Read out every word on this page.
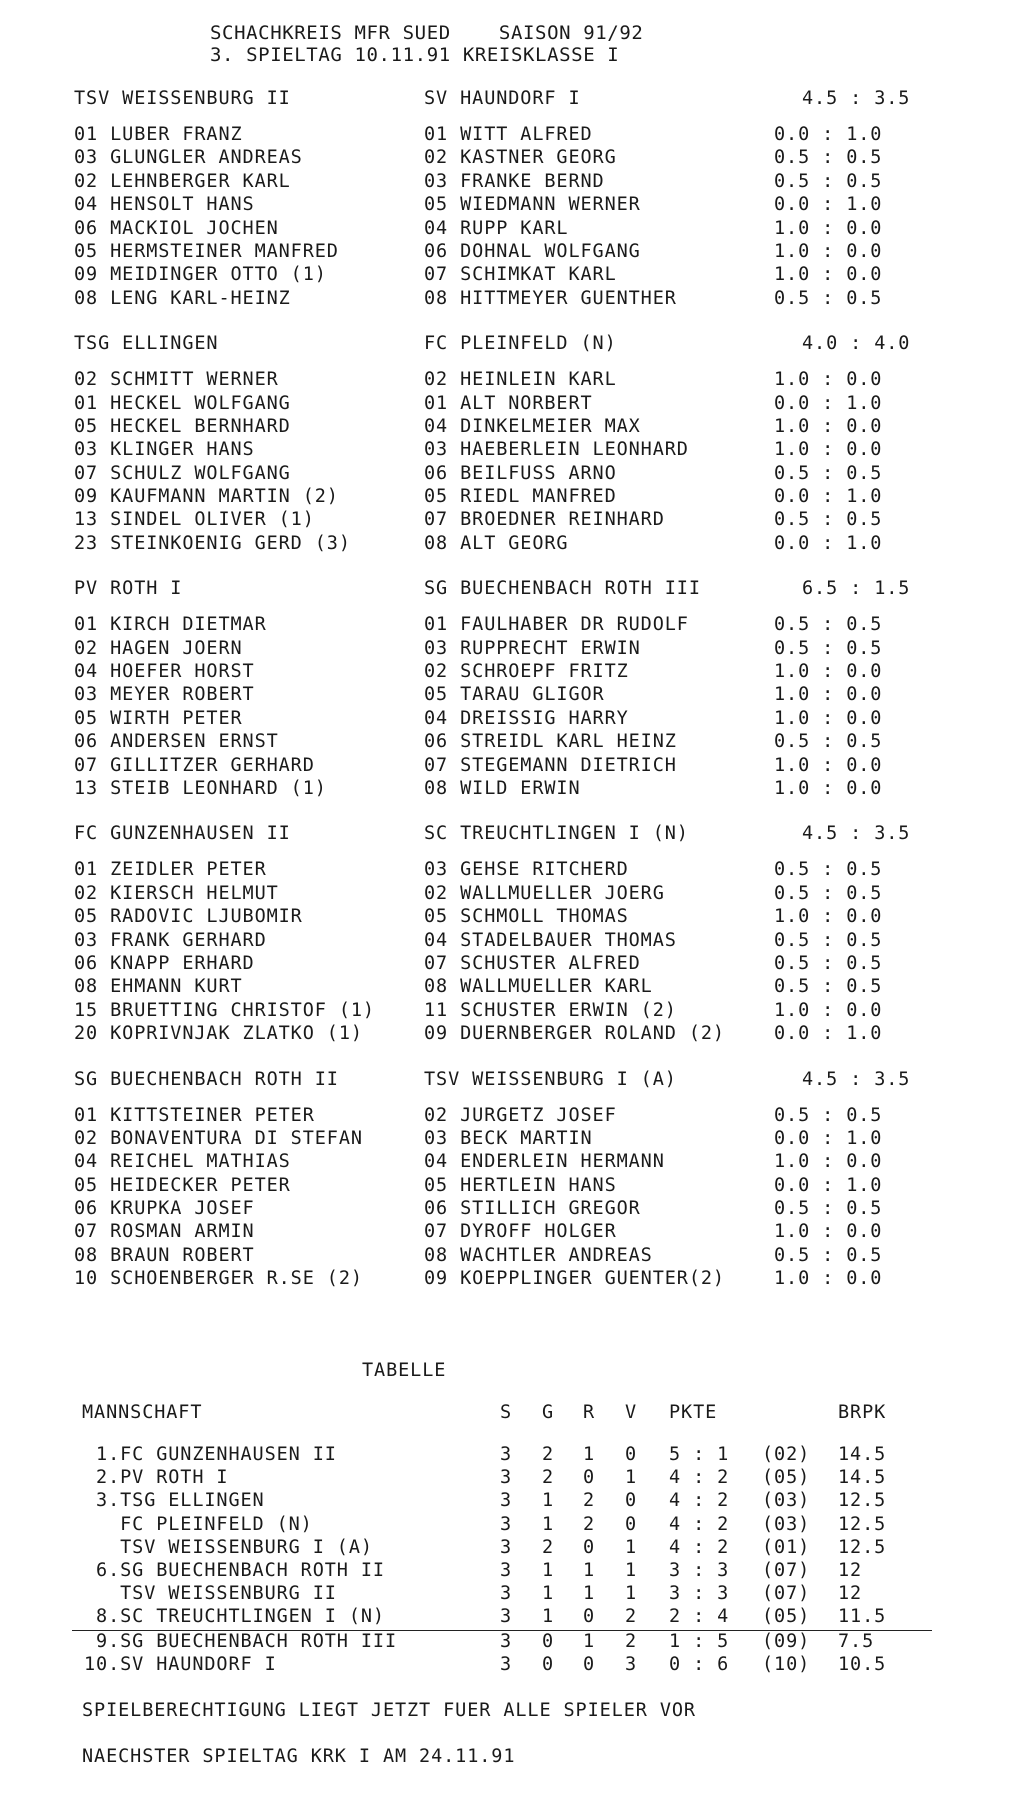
SCHACHKREIS MFR SUED    SAISON 91/92
3. SPIELTAG 10.11.91 KREISKLASSE I
TSV WEISSENBURG II	SV HAUNDORF I	4.5 : 3.5
01 LUBER FRANZ	01 WITT ALFRED	0.0 : 1.0
03 GLUNGLER ANDREAS	02 KASTNER GEORG	0.5 : 0.5
02 LEHNBERGER KARL	03 FRANKE BERND	0.5 : 0.5
04 HENSOLT HANS	05 WIEDMANN WERNER	0.0 : 1.0
06 MACKIOL JOCHEN	04 RUPP KARL	1.0 : 0.0
05 HERMSTEINER MANFRED	06 DOHNAL WOLFGANG	1.0 : 0.0
09 MEIDINGER OTTO (1)	07 SCHIMKAT KARL	1.0 : 0.0
08 LENG KARL-HEINZ	08 HITTMEYER GUENTHER	0.5 : 0.5
TSG ELLINGEN	FC PLEINFELD (N)	4.0 : 4.0
02 SCHMITT WERNER	02 HEINLEIN KARL	1.0 : 0.0
01 HECKEL WOLFGANG	01 ALT NORBERT	0.0 : 1.0
05 HECKEL BERNHARD	04 DINKELMEIER MAX	1.0 : 0.0
03 KLINGER HANS	03 HAEBERLEIN LEONHARD	1.0 : 0.0
07 SCHULZ WOLFGANG	06 BEILFUSS ARNO	0.5 : 0.5
09 KAUFMANN MARTIN (2)	05 RIEDL MANFRED	0.0 : 1.0
13 SINDEL OLIVER (1)	07 BROEDNER REINHARD	0.5 : 0.5
23 STEINKOENIG GERD (3)	08 ALT GEORG	0.0 : 1.0
PV ROTH I	SG BUECHENBACH ROTH III	6.5 : 1.5
01 KIRCH DIETMAR	01 FAULHABER DR RUDOLF	0.5 : 0.5
02 HAGEN JOERN	03 RUPPRECHT ERWIN	0.5 : 0.5
04 HOEFER HORST	02 SCHROEPF FRITZ	1.0 : 0.0
03 MEYER ROBERT	05 TARAU GLIGOR	1.0 : 0.0
05 WIRTH PETER	04 DREISSIG HARRY	1.0 : 0.0
06 ANDERSEN ERNST	06 STREIDL KARL HEINZ	0.5 : 0.5
07 GILLITZER GERHARD	07 STEGEMANN DIETRICH	1.0 : 0.0
13 STEIB LEONHARD (1)	08 WILD ERWIN	1.0 : 0.0
FC GUNZENHAUSEN II	SC TREUCHTLINGEN I (N)	4.5 : 3.5
01 ZEIDLER PETER	03 GEHSE RITCHERD	0.5 : 0.5
02 KIERSCH HELMUT	02 WALLMUELLER JOERG	0.5 : 0.5
05 RADOVIC LJUBOMIR	05 SCHMOLL THOMAS	1.0 : 0.0
03 FRANK GERHARD	04 STADELBAUER THOMAS	0.5 : 0.5
06 KNAPP ERHARD	07 SCHUSTER ALFRED	0.5 : 0.5
08 EHMANN KURT	08 WALLMUELLER KARL	0.5 : 0.5
15 BRUETTING CHRISTOF (1)	11 SCHUSTER ERWIN (2)	1.0 : 0.0
20 KOPRIVNJAK ZLATKO (1)	09 DUERNBERGER ROLAND (2)	0.0 : 1.0
SG BUECHENBACH ROTH II	TSV WEISSENBURG I (A)	4.5 : 3.5
01 KITTSTEINER PETER	02 JURGETZ JOSEF	0.5 : 0.5
02 BONAVENTURA DI STEFAN	03 BECK MARTIN	0.0 : 1.0
04 REICHEL MATHIAS	04 ENDERLEIN HERMANN	1.0 : 0.0
05 HEIDECKER PETER	05 HERTLEIN HANS	0.0 : 1.0
06 KRUPKA JOSEF	06 STILLICH GREGOR	0.5 : 0.5
07 ROSMAN ARMIN	07 DYROFF HOLGER	1.0 : 0.0
08 BRAUN ROBERT	08 WACHTLER ANDREAS	0.5 : 0.5
10 SCHOENBERGER R.SE (2)	09 KOEPPLINGER GUENTER(2)	1.0 : 0.0
TABELLE
MANNSCHAFT	S G R V PKTE	BRPK
1.FC GUNZENHAUSEN II	3 2 1 0 5 : 1 (02) 14.5
2.PV ROTH I	3 2 0 1 4 : 2 (05) 14.5
3.TSG ELLINGEN	3 1 2 0 4 : 2 (03) 12.5
FC PLEINFELD (N)	3 1 2 0 4 : 2 (03) 12.5
TSV WEISSENBURG I (A)	3 2 0 1 4 : 2 (01) 12.5
6.SG BUECHENBACH ROTH II	3 1 1 1 3 : 3 (07) 12
TSV WEISSENBURG II	3 1 1 1 3 : 3 (07) 12
8.SC TREUCHTLINGEN I (N)	3 1 0 2 2 : 4 (05) 11.5
9.SG BUECHENBACH ROTH III	3 0 1 2 1 : 5 (09) 7.5
10.SV HAUNDORF I	3 0 0 3 0 : 6 (10) 10.5
SPIELBERECHTIGUNG LIEGT JETZT FUER ALLE SPIELER VOR
NAECHSTER SPIELTAG KRK I AM 24.11.91
